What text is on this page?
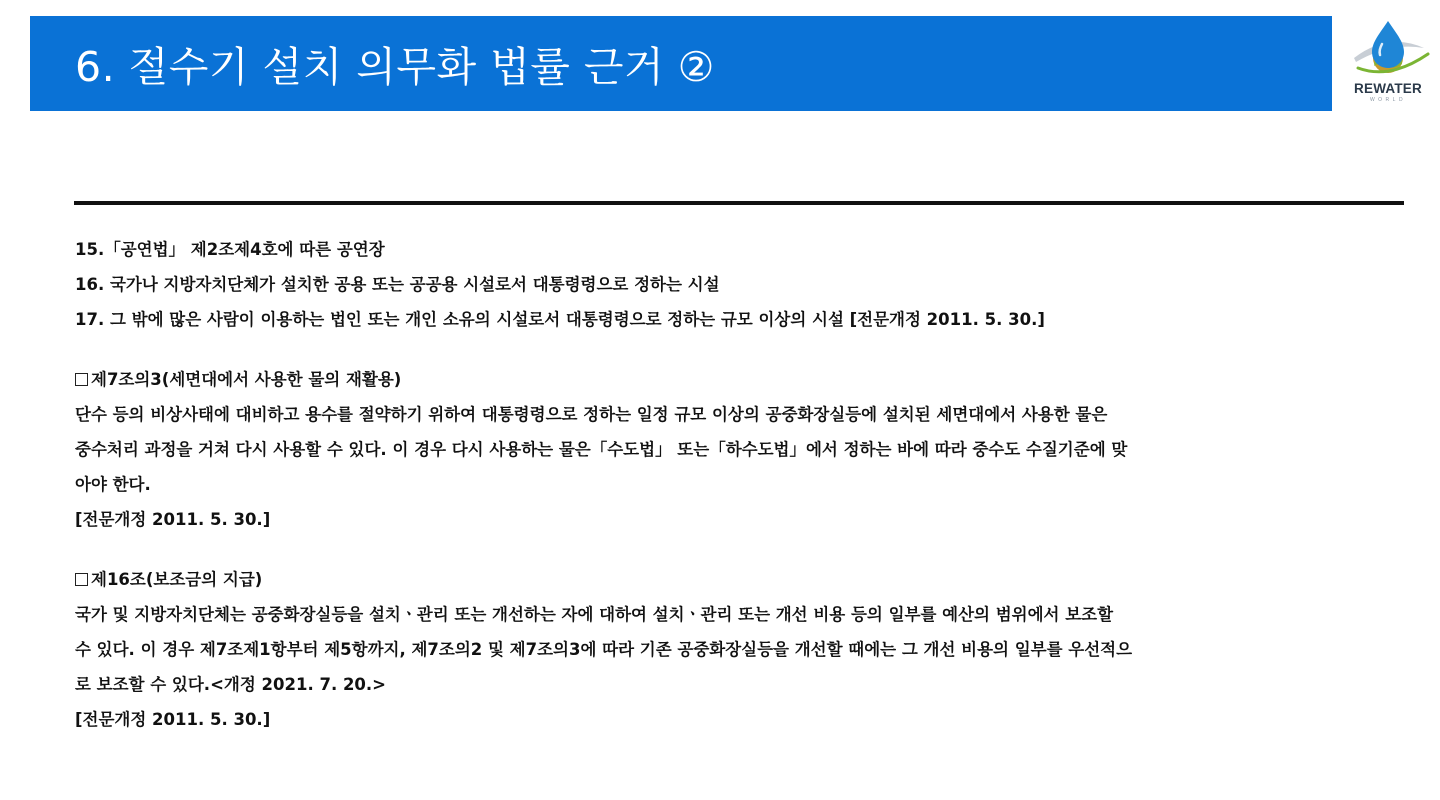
6. 절수기 설치 의무화 법률 근거 ②	REWATER
WORLD
15.「공연법」 제2조제4호에 따른 공연장
16. 국가나 지방자치단체가 설치한 공용 또는 공공용 시설로서 대통령령으로 정하는 시설
17. 그 밖에 많은 사람이 이용하는 법인 또는 개인 소유의 시설로서 대통령령으로 정하는 규모 이상의 시설 [전문개정 2011. 5. 30.]
제7조의3(세면대에서 사용한 물의 재활용)
단수 등의 비상사태에 대비하고 용수를 절약하기 위하여 대통령령으로 정하는 일정 규모 이상의 공중화장실등에 설치된 세면대에서 사용한 물은
중수처리 과정을 거쳐 다시 사용할 수 있다. 이 경우 다시 사용하는 물은「수도법」 또는「하수도법」에서 정하는 바에 따라 중수도 수질기준에 맞
아야 한다.
[전문개정 2011. 5. 30.]
제16조(보조금의 지급)
국가 및 지방자치단체는 공중화장실등을 설치ㆍ관리 또는 개선하는 자에 대하여 설치ㆍ관리 또는 개선 비용 등의 일부를 예산의 범위에서 보조할
수 있다. 이 경우 제7조제1항부터 제5항까지, 제7조의2 및 제7조의3에 따라 기존 공중화장실등을 개선할 때에는 그 개선 비용의 일부를 우선적으
로 보조할 수 있다.<개정 2021. 7. 20.>
[전문개정 2011. 5. 30.]
